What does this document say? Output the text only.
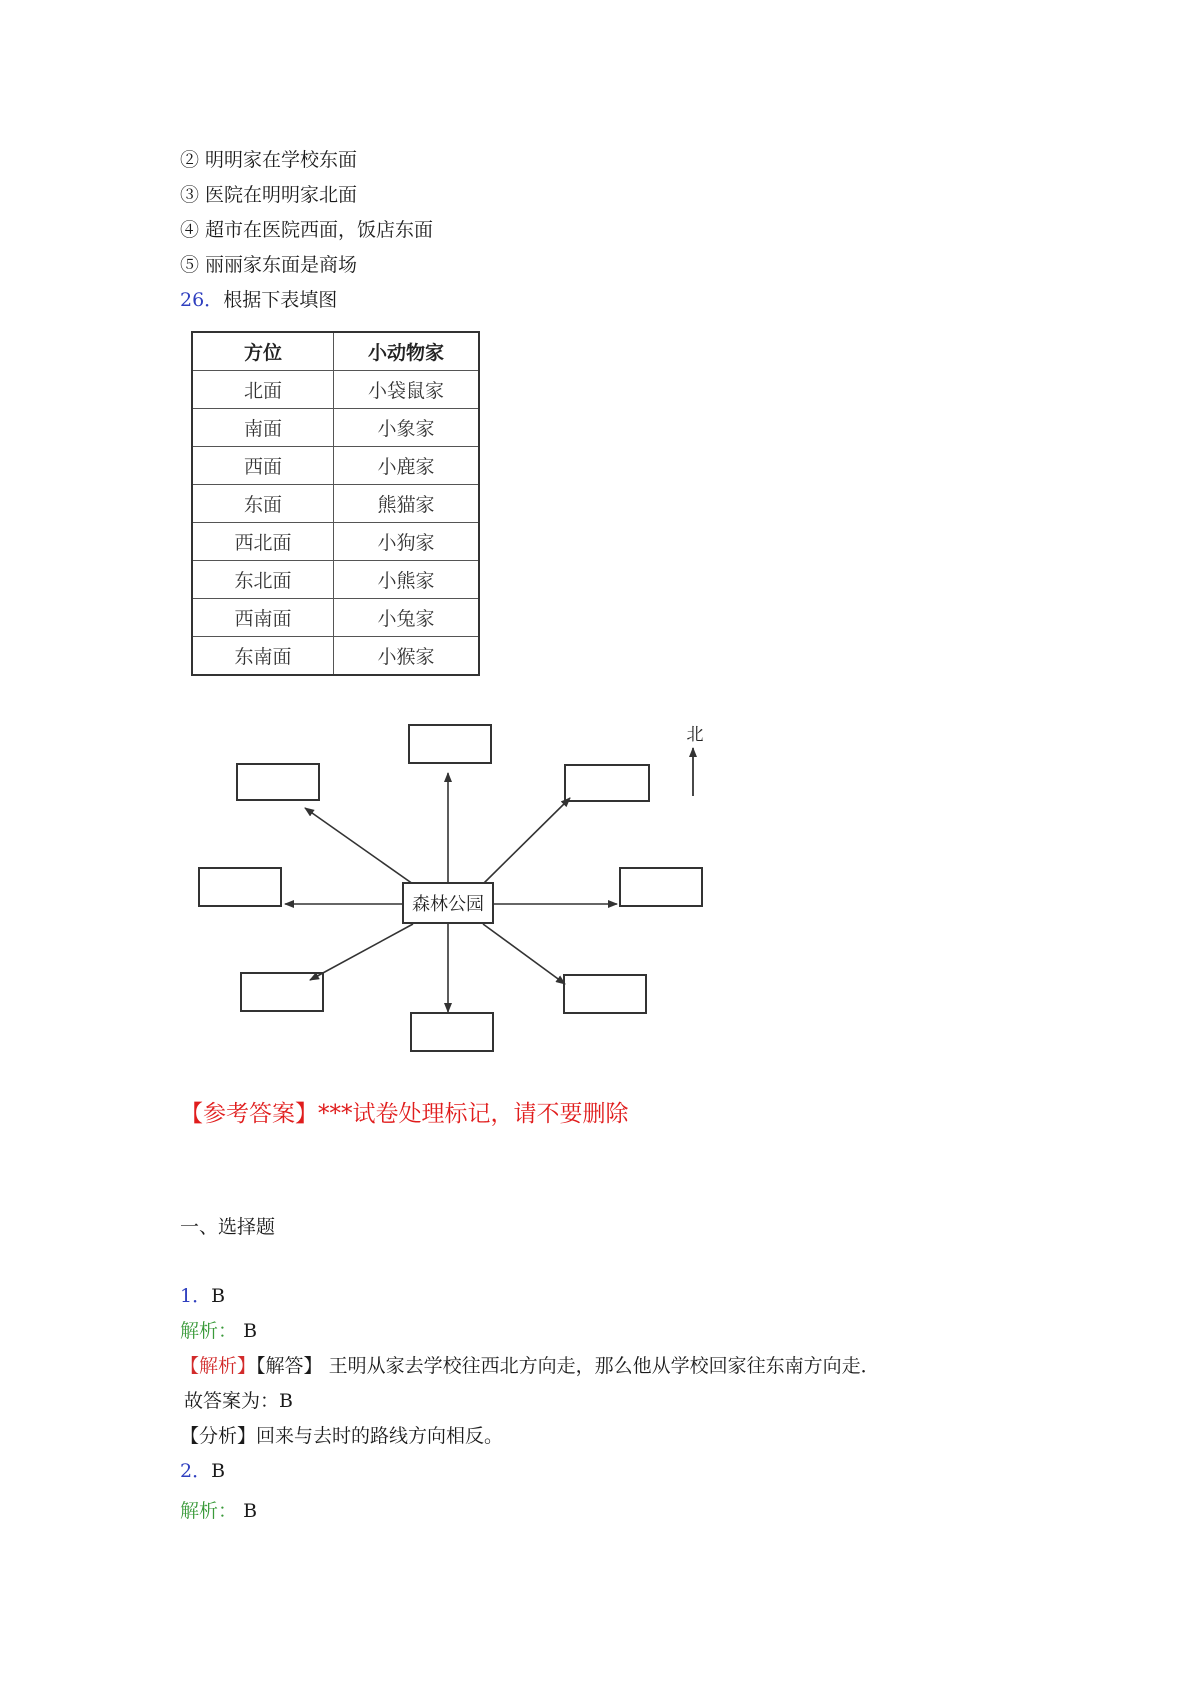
② 明明家在学校东面
③ 医院在明明家北面
④ 超市在医院西面，饭店东面
⑤ 丽丽家东面是商场
26．根据下表填图
方位	小动物家
北面	小袋鼠家
南面	小象家
西面	小鹿家
东面	熊猫家
西北面	小狗家
东北面	小熊家
西南面	小兔家
东南面	小猴家
森林公园
北
【参考答案】***试卷处理标记，请不要删除
一、选择题
1．B
解析： B
【解析】【解答】 王明从家去学校往西北方向走，那么他从学校回家往东南方向走．
故答案为：B
【分析】回来与去时的路线方向相反。
2．B
解析： B
